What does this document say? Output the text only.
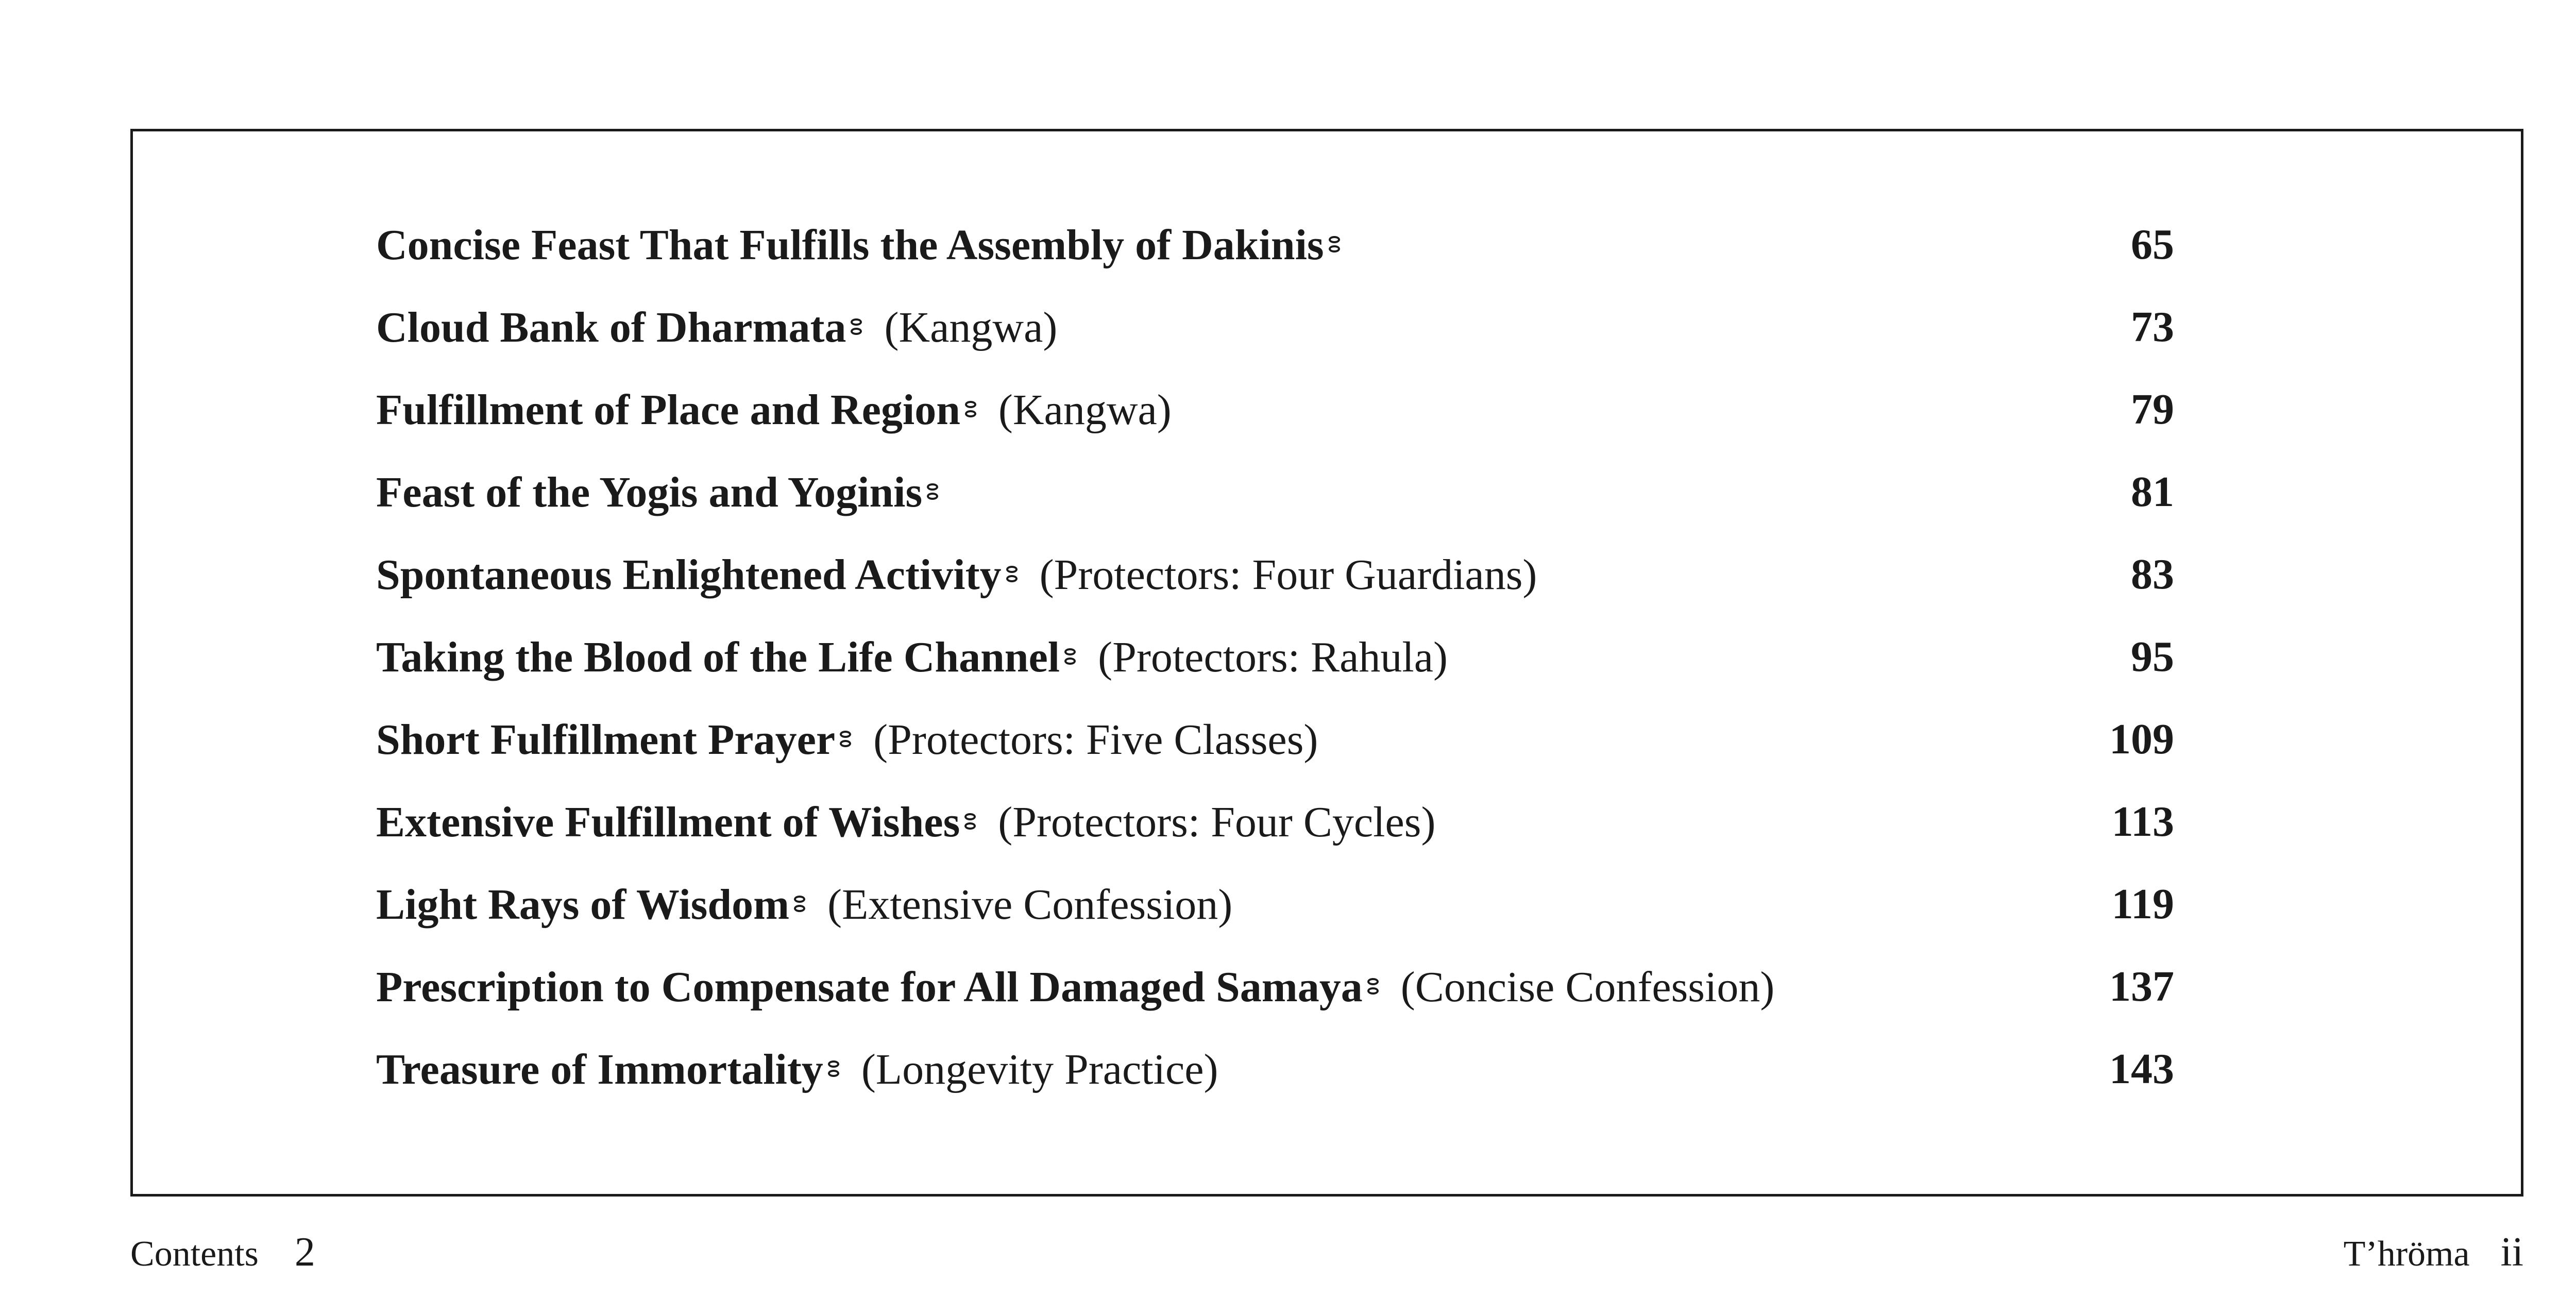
Concise Feast That Fulfills the Assembly of Dakinis	65
Cloud Bank of Dharmata (Kangwa)	73
Fulfillment of Place and Region (Kangwa)	79
Feast of the Yogis and Yoginis	81
Spontaneous Enlightened Activity (Protectors: Four Guardians)	83
Taking the Blood of the Life Channel (Protectors: Rahula)	95
Short Fulfillment Prayer (Protectors: Five Classes)	109
Extensive Fulfillment of Wishes (Protectors: Four Cycles)	113
Light Rays of Wisdom (Extensive Confession)	119
Prescription to Compensate for All Damaged Samaya (Concise Confession)	137
Treasure of Immortality (Longevity Practice)	143
Contents 2	T’hröma ii
